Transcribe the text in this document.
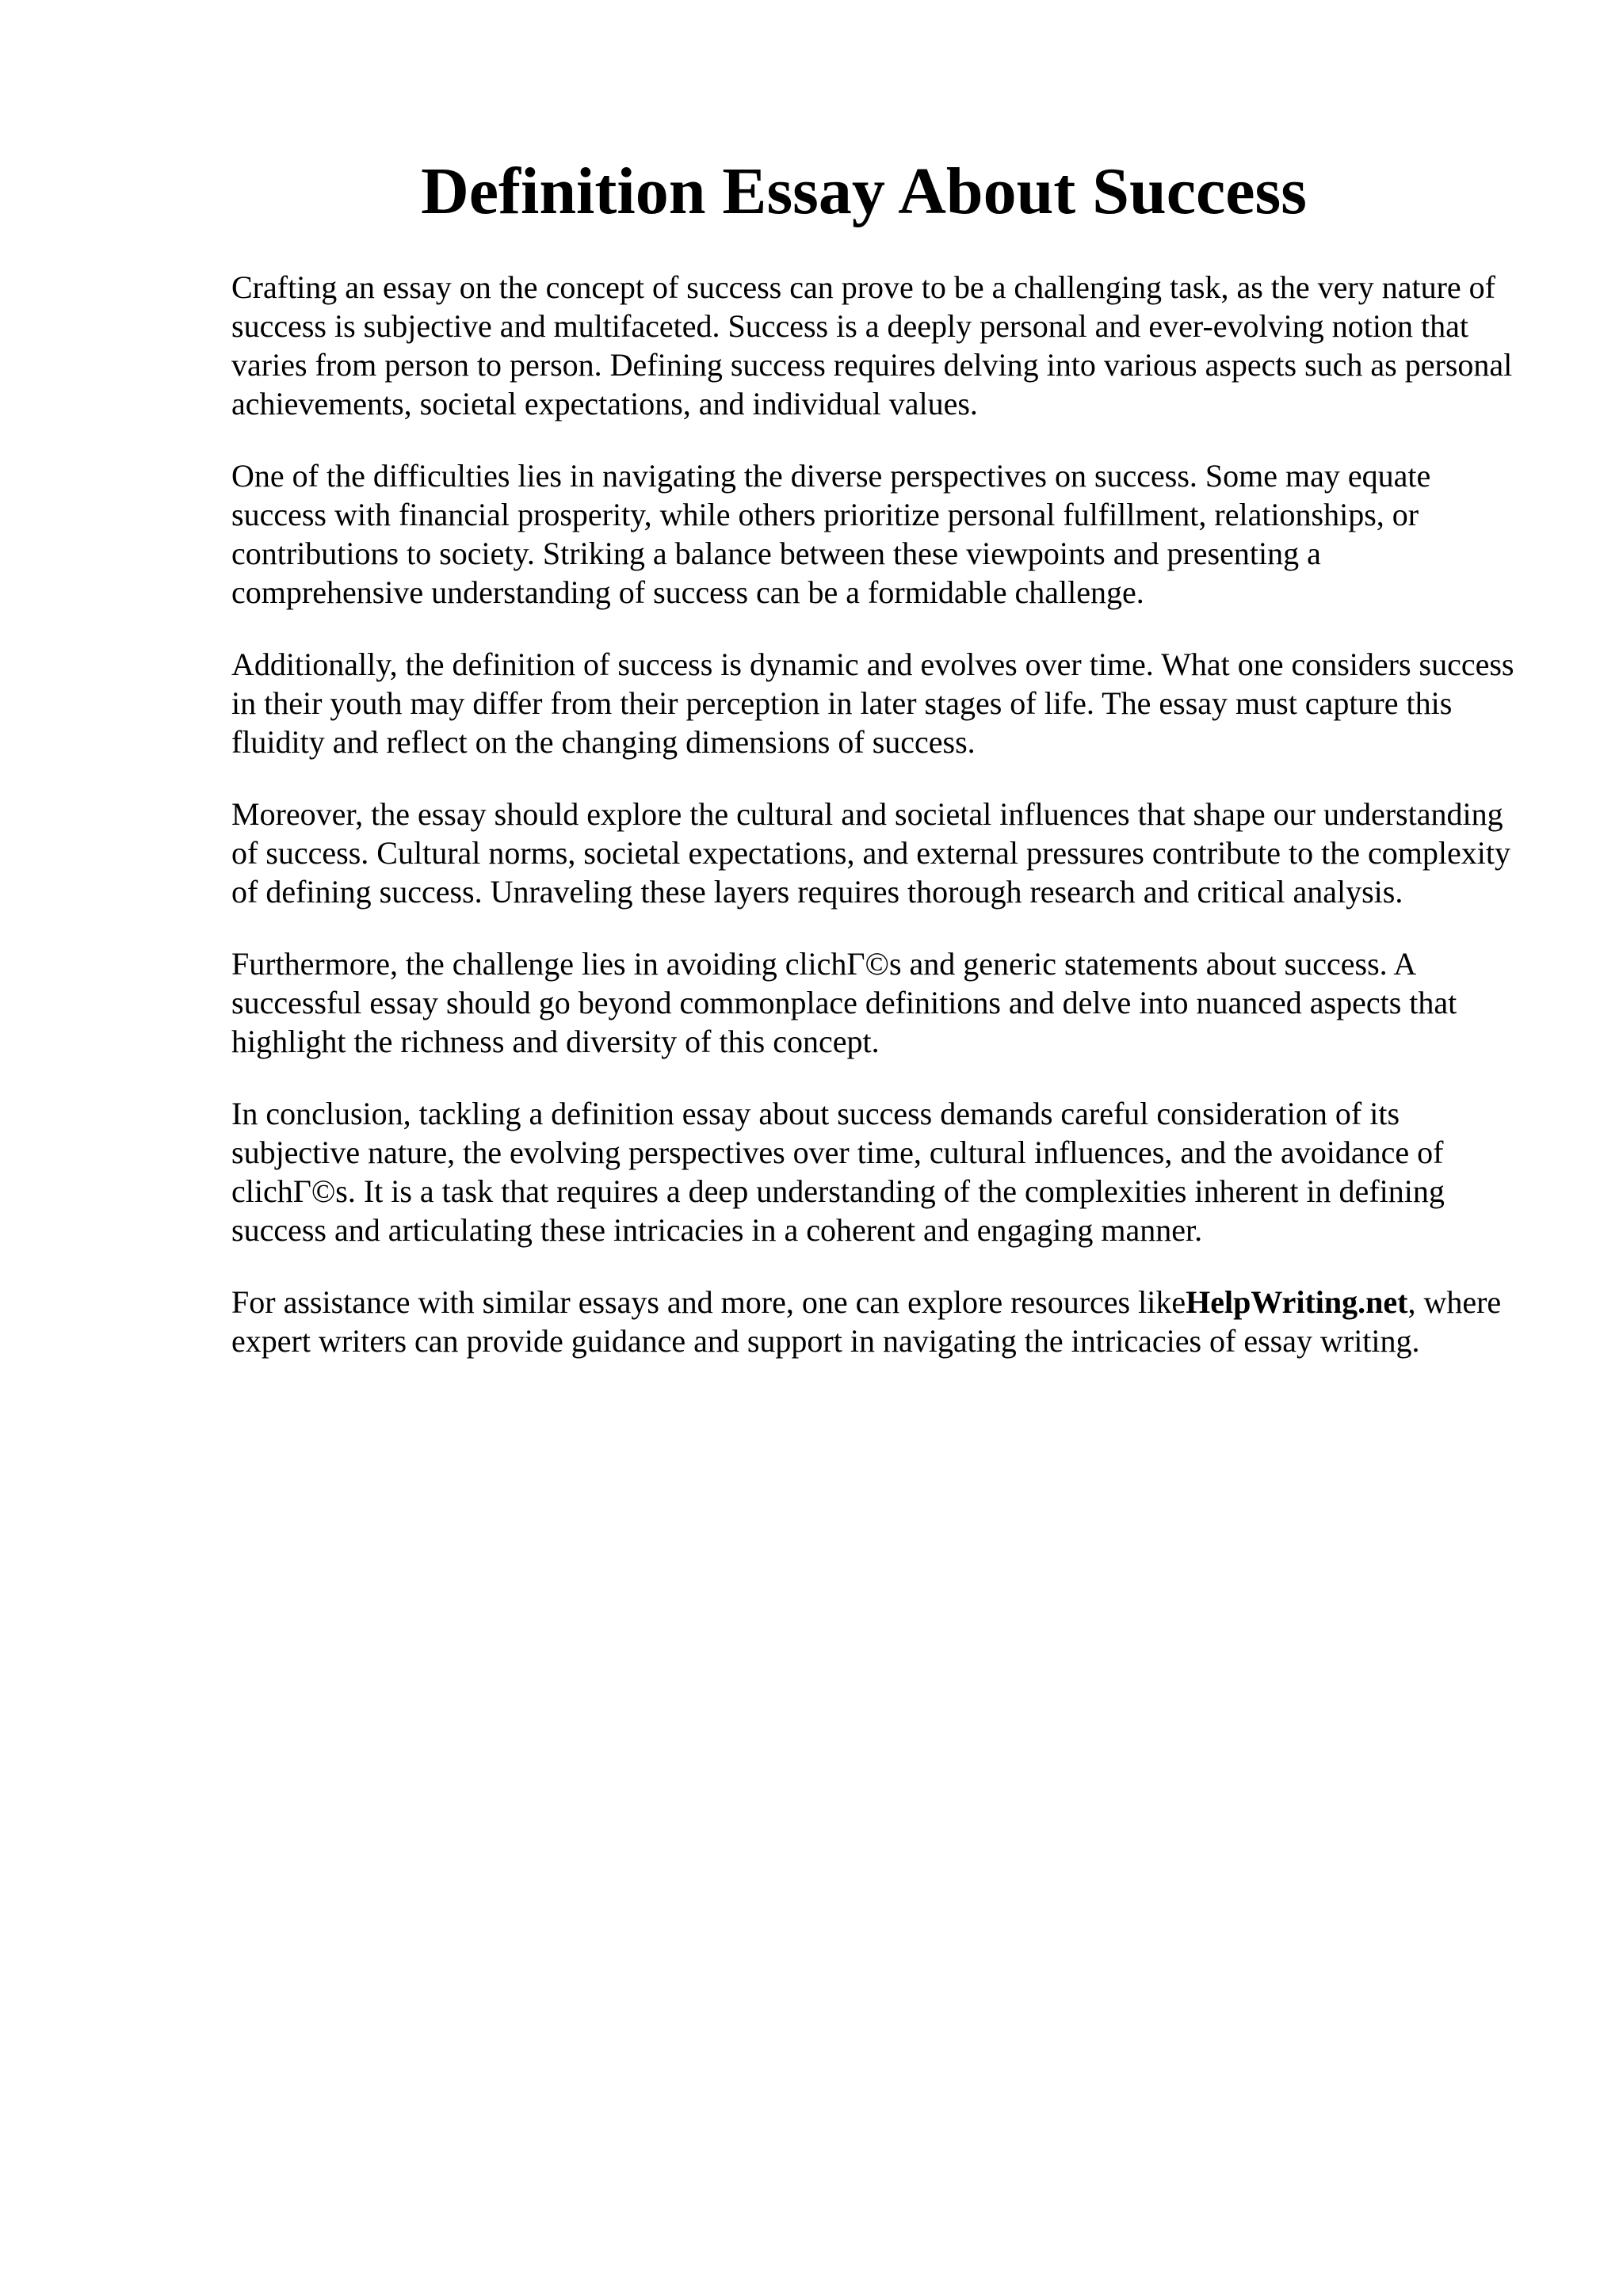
Definition Essay About Success

Crafting an essay on the concept of success can prove to be a challenging task, as the very nature of success is subjective and multifaceted. Success is a deeply personal and ever-evolving notion that varies from person to person. Defining success requires delving into various aspects such as personal achievements, societal expectations, and individual values.

One of the difficulties lies in navigating the diverse perspectives on success. Some may equate success with financial prosperity, while others prioritize personal fulfillment, relationships, or contributions to society. Striking a balance between these viewpoints and presenting a comprehensive understanding of success can be a formidable challenge.

Additionally, the definition of success is dynamic and evolves over time. What one considers success in their youth may differ from their perception in later stages of life. The essay must capture this fluidity and reflect on the changing dimensions of success.

Moreover, the essay should explore the cultural and societal influences that shape our understanding of success. Cultural norms, societal expectations, and external pressures contribute to the complexity of defining success. Unraveling these layers requires thorough research and critical analysis.

Furthermore, the challenge lies in avoiding clichΓ©s and generic statements about success. A successful essay should go beyond commonplace definitions and delve into nuanced aspects that highlight the richness and diversity of this concept.

In conclusion, tackling a definition essay about success demands careful consideration of its subjective nature, the evolving perspectives over time, cultural influences, and the avoidance of clichΓ©s. It is a task that requires a deep understanding of the complexities inherent in defining success and articulating these intricacies in a coherent and engaging manner.

For assistance with similar essays and more, one can explore resources likeHelpWriting.net, where expert writers can provide guidance and support in navigating the intricacies of essay writing.
